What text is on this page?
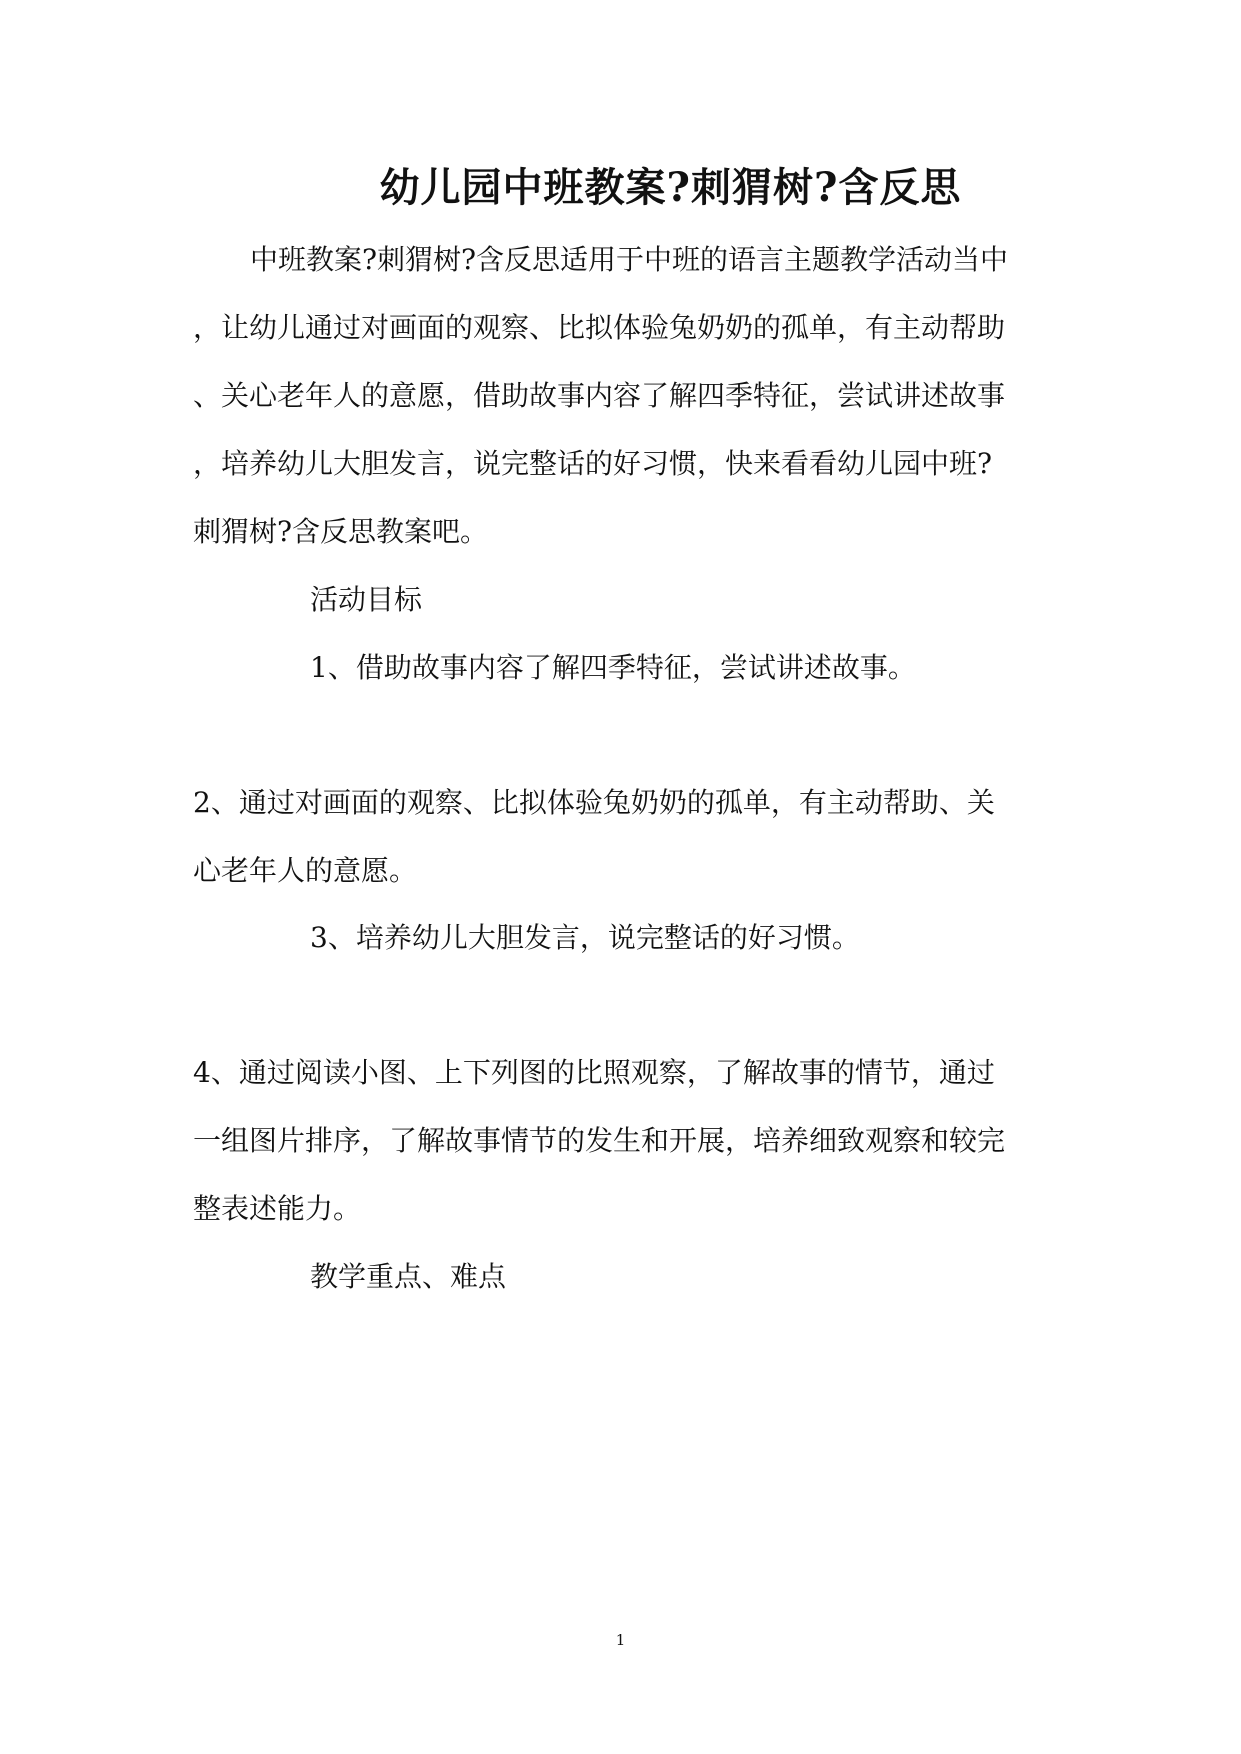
幼儿园中班教案?刺猬树?含反思
中班教案?刺猬树?含反思适用于中班的语言主题教学活动当中
，让幼儿通过对画面的观察、比拟体验兔奶奶的孤单，有主动帮助
、关心老年人的意愿，借助故事内容了解四季特征，尝试讲述故事
，培养幼儿大胆发言，说完整话的好习惯，快来看看幼儿园中班?
刺猬树?含反思教案吧。
活动目标
1、借助故事内容了解四季特征，尝试讲述故事。
2、通过对画面的观察、比拟体验兔奶奶的孤单，有主动帮助、关
心老年人的意愿。
3、培养幼儿大胆发言，说完整话的好习惯。
4、通过阅读小图、上下列图的比照观察，了解故事的情节，通过
一组图片排序，了解故事情节的发生和开展，培养细致观察和较完
整表述能力。
教学重点、难点
1
